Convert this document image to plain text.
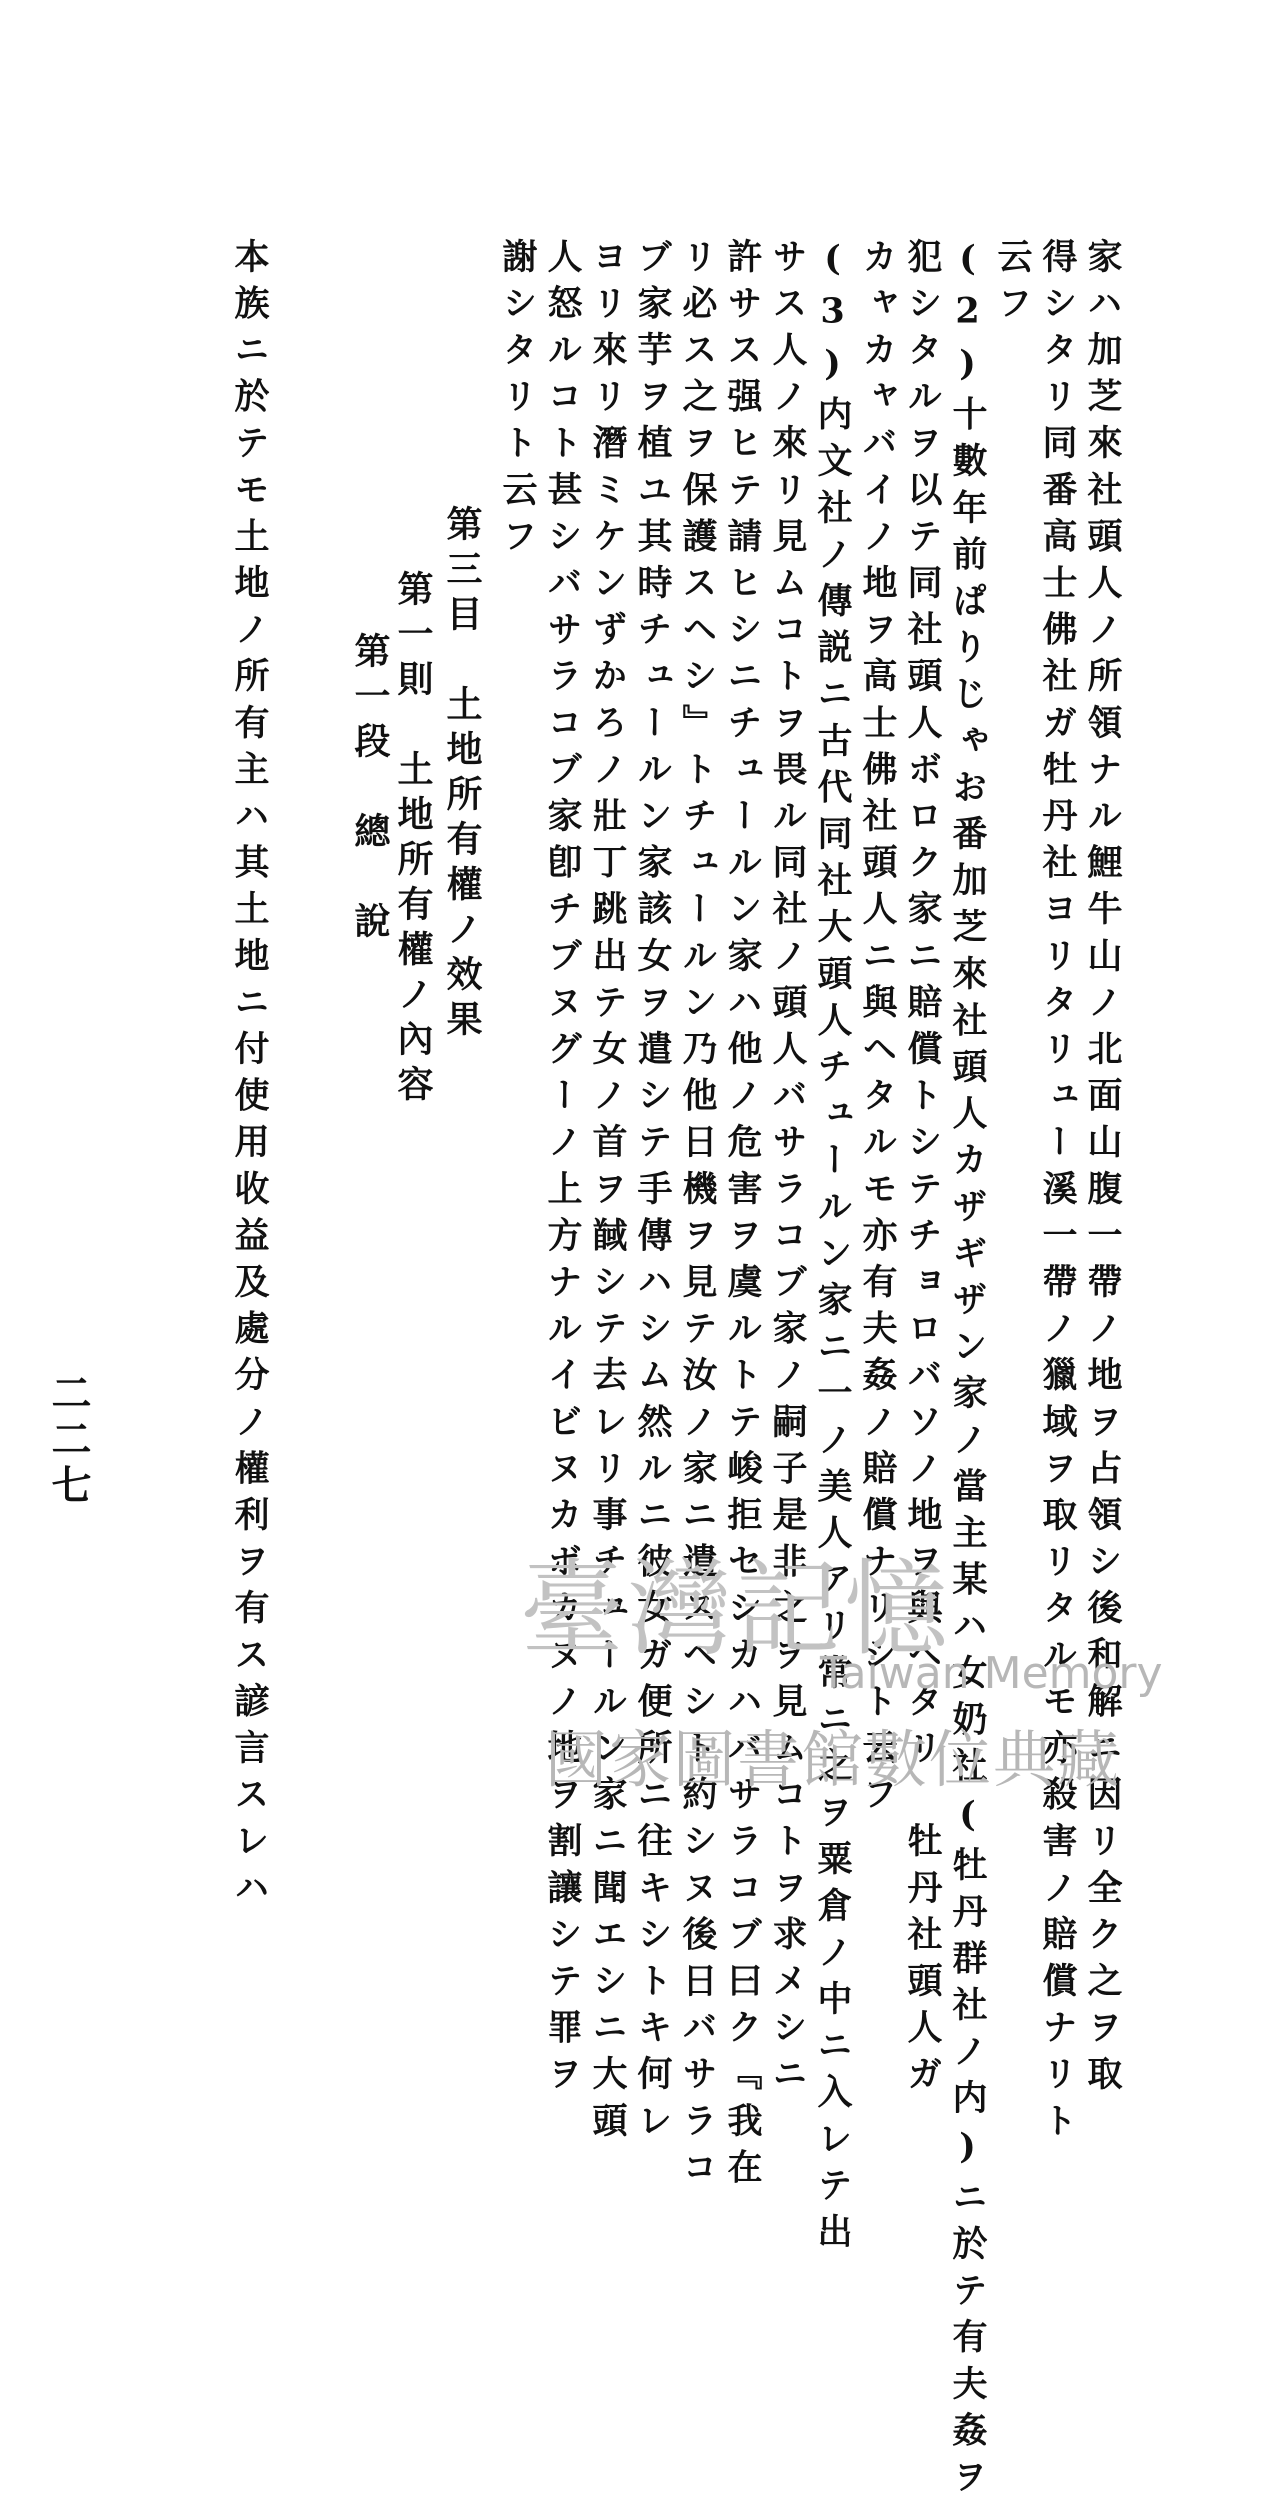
家ハ加芝來社頭人ノ所領ナル鯉牛山ノ北面山腹一帶ノ地ヲ占領シ後和解ニ因リ全ク之ヲ取
得シタリ同番高士佛社ガ牡丹社ヨリタリュー溪一帶ノ獵域ヲ取リタルモ亦殺害ノ賠償ナリト
云フ
(2)十數年前ぱりじゃお番加芝來社頭人カザギザン家ノ當主某ハ女奶社(牡丹群社ノ内)ニ於テ有夫姦ヲ
犯シタルヲ以テ同社頭人ボロク家ニ賠償トシテチョロバソノ地ヲ與ヘタリ　牡丹社頭人ガ
カャカャバイノ地ヲ高士佛社頭人ニ與ヘタルモ亦有夫姦ノ賠償ナリシト云フ
(3)内文社ノ傳説ニ古代同社大頭人チュールン家ニ一ノ美人アリ常ニ之ヲ粟倉ノ中ニ入レテ出
サス人ノ來リ見ムコトヲ畏ル同社ノ頭人バサラコブ家ノ嗣子是非之ヲ見ムコトヲ求メシニ
許サス强ヒテ請ヒシニチュールン家ハ他ノ危害ヲ虞ルトテ峻拒セシカハバサラコブ曰ク『我在
リ必ス之ヲ保護スヘシ』トチュールン乃他日機ヲ見テ汝ノ家ニ遣スヘシト約シヌ後日バサラコ
ブ家芋ヲ植ユ其時チュールン家該女ヲ遣シテ手傳ハシム然ルニ彼女ガ便所ニ往キシトキ何レ
ヨリ來リ潛ミケンずかろノ壯丁跳出テ女ノ首ヲ馘シテ去レリ事チュールン家ニ聞エシニ大頭
人怒ルコト甚シバサラコブ家卽チブヌグーノ上方ナルイビヌカボカヌノ地ヲ割讓シテ罪ヲ
謝シタリト云フ
第三目　土地所有權ノ效果
第一則　土地所有權ノ內容
第一段　總　說
本族ニ於テモ土地ノ所有主ハ其土地ニ付使用收益及處分ノ權利ヲ有ス諺言スレハ
二二七
臺灣記憶
Taiwan Memory
國家圖書館數位典藏
